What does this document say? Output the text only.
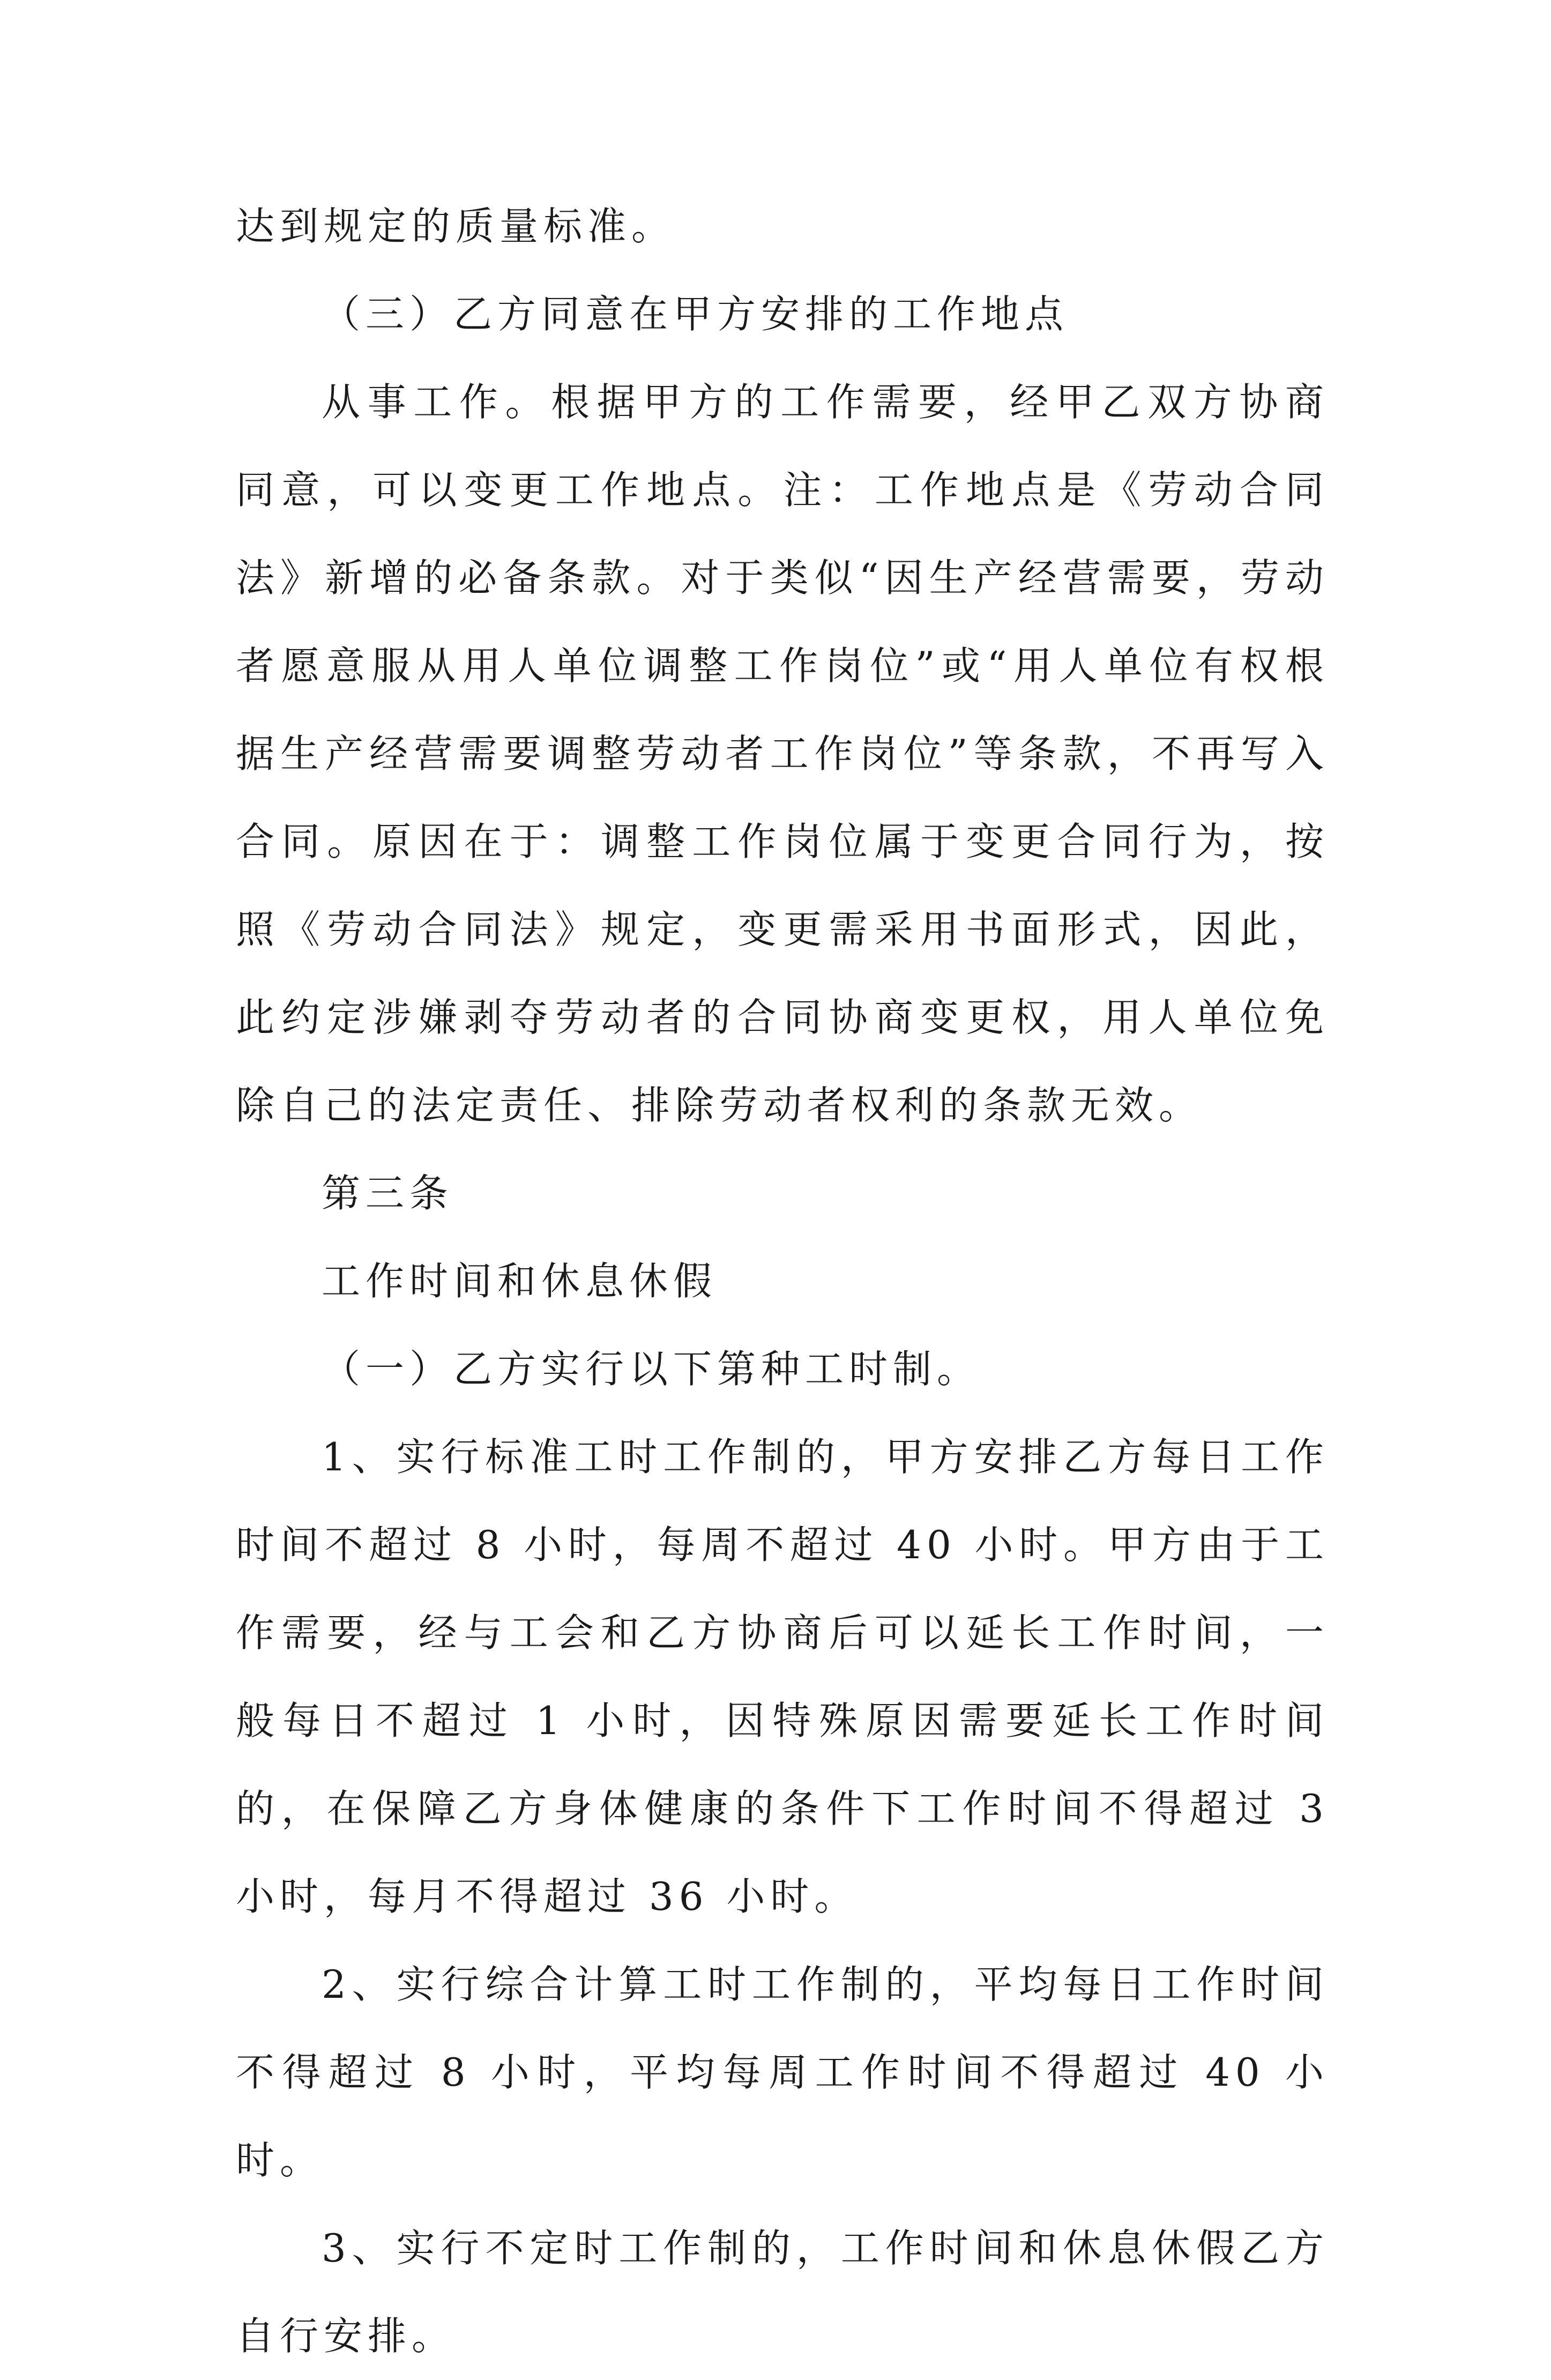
达到规定的质量标准。

（三）乙方同意在甲方安排的工作地点

从事工作。根据甲方的工作需要，经甲乙双方协商同意，可以变更工作地点。注：工作地点是《劳动合同法》新增的必备条款。对于类似“因生产经营需要，劳动者愿意服从用人单位调整工作岗位”或“用人单位有权根据生产经营需要调整劳动者工作岗位”等条款，不再写入合同。原因在于：调整工作岗位属于变更合同行为，按照《劳动合同法》规定，变更需采用书面形式，因此，此约定涉嫌剥夺劳动者的合同协商变更权，用人单位免除自己的法定责任、排除劳动者权利的条款无效。

第三条

工作时间和休息休假

（一）乙方实行以下第种工时制。

1、实行标准工时工作制的，甲方安排乙方每日工作时间不超过 8 小时，每周不超过 40 小时。甲方由于工作需要，经与工会和乙方协商后可以延长工作时间，一般每日不超过 1 小时，因特殊原因需要延长工作时间的，在保障乙方身体健康的条件下工作时间不得超过 3 小时，每月不得超过 36 小时。

2、实行综合计算工时工作制的，平均每日工作时间不得超过 8 小时，平均每周工作时间不得超过 40 小时。

3、实行不定时工作制的，工作时间和休息休假乙方自行安排。
